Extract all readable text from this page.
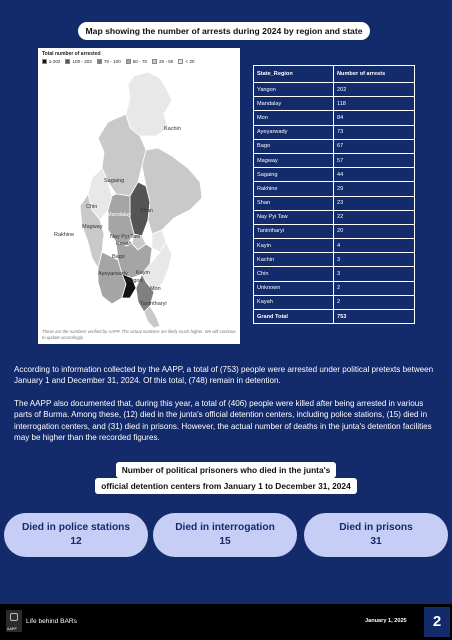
Map showing the number of arrests during 2024 by region and state
Total number of arrested
≥ 202	100 - 202	70 - 100	50 - 70	20 - 50	< 20
Kachin
Sagaing
Chin
Mandalay
Shan
Magway
Rakhine	Nay Pyi Taw
Kayah
Bago
Ayeyarwady
Yangon
Kayin
Mon
Tanintharyi
These are the numbers verified by AAPP. The actual numbers are likely much higher. We will continue to update accordingly.
State_Region	Number of arrests
Yangon	202
Mandalay	118
Mon	84
Ayeyarwady	73
Bago	67
Magway	57
Sagaing	44
Rakhine	29
Shan	23
Nay Pyi Taw	22
Tanintharyi	20
Kayin	4
Kachin	3
Chin	3
Unknown	2
Kayah	2
Grand Total	753

According to information collected by the AAPP, a total of (753) people were arrested under political pretexts between January 1 and December 31, 2024. Of this total, (748) remain in detention.

The AAPP also documented that, during this year, a total of (406) people were killed after being arrested in various parts of Burma. Among these, (12) died in the junta's official detention centers, including police stations, (15) died in interrogation centers, and (31) died in prisons. However, the actual number of deaths in the junta's detention facilities may be higher than the recorded figures.

Number of political prisoners who died in the junta's
official detention centers from January 1 to December 31, 2024
Died in police stations
12
Died in interrogation
15
Died in prisons
31
AAPP
Life behind BARs	January 1, 2025	2
